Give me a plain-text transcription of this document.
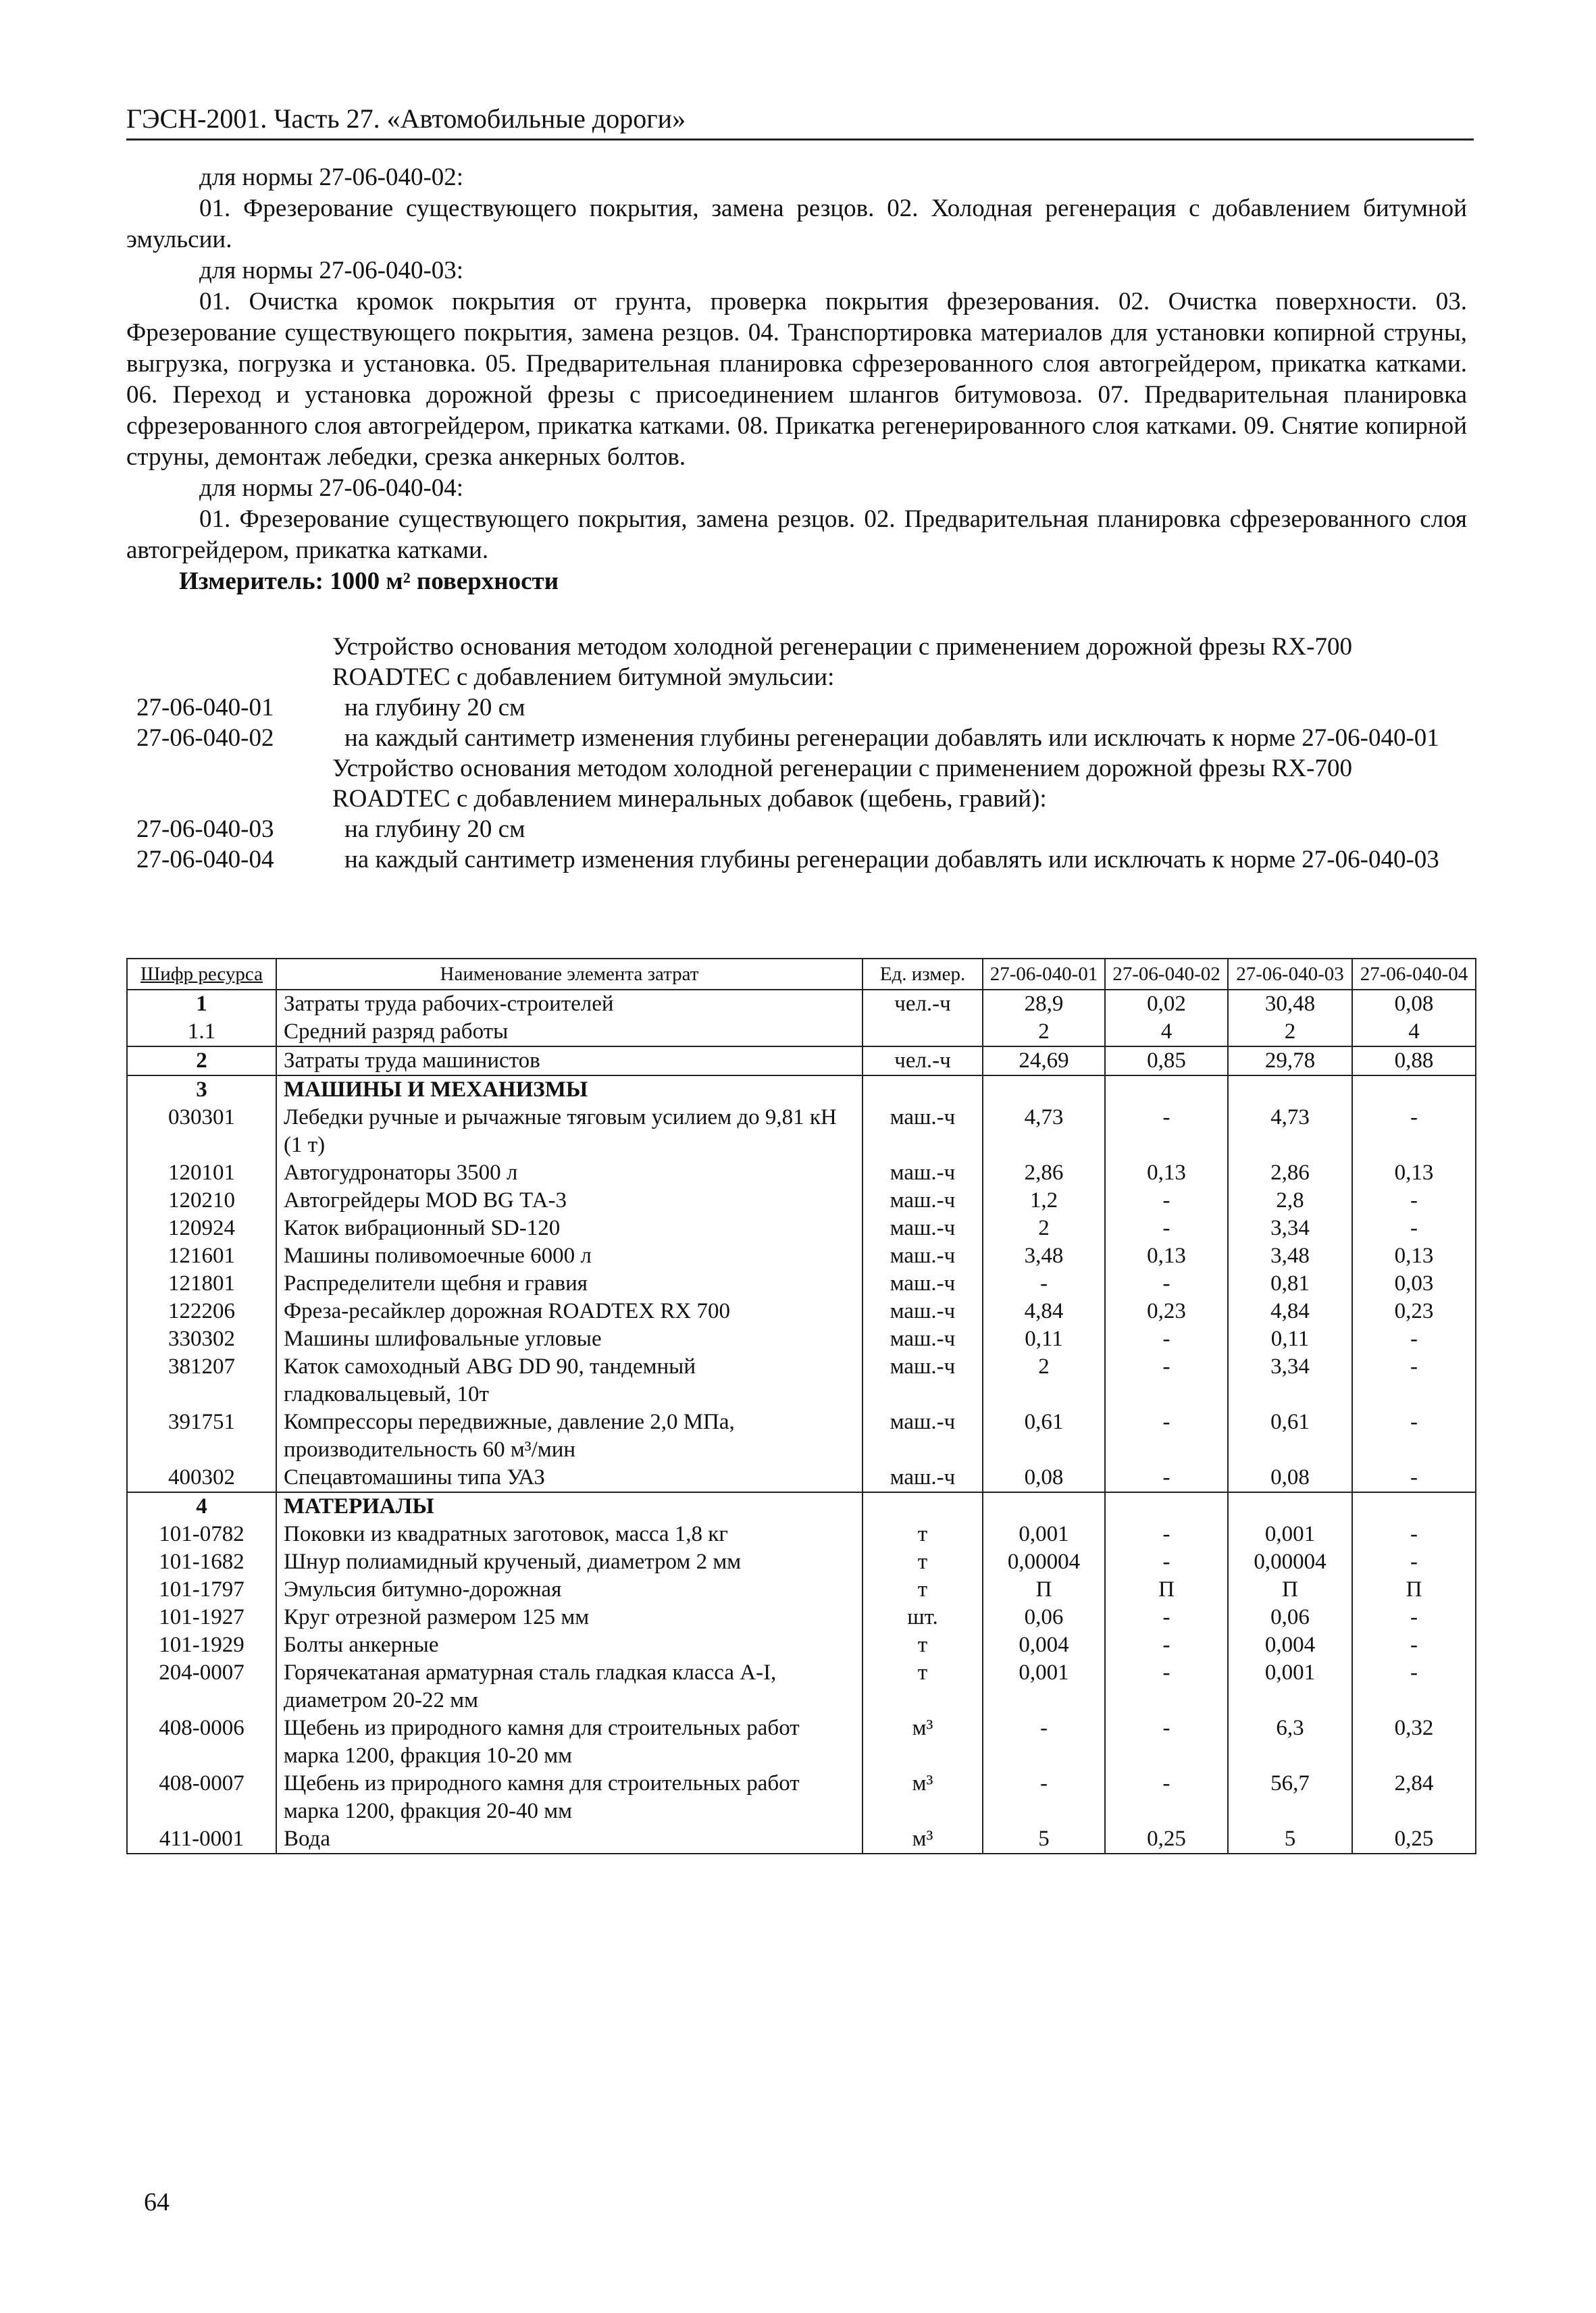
ГЭСН-2001. Часть 27. «Автомобильные дороги»

для нормы 27-06-040-02:

01. Фрезерование существующего покрытия, замена резцов. 02. Холодная регенерация с добавлением битумной эмульсии.

для нормы 27-06-040-03:

01. Очистка кромок покрытия от грунта, проверка покрытия фрезерования. 02. Очистка поверхности. 03. Фрезерование существующего покрытия, замена резцов. 04. Транспортировка материалов для установки копирной струны, выгрузка, погрузка и установка. 05. Предварительная планировка сфрезерованного слоя автогрейдером, прикатка катками. 06. Переход и установка дорожной фрезы с присоединением шлангов битумовоза. 07. Предварительная планировка сфрезерованного слоя автогрейдером, прикатка катками. 08. Прикатка регенерированного слоя катками. 09. Снятие копирной струны, демонтаж лебедки, срезка анкерных болтов.

для нормы 27-06-040-04:

01. Фрезерование существующего покрытия, замена резцов. 02. Предварительная планировка сфрезерованного слоя автогрейдером, прикатка катками.

Измеритель: 1000 м² поверхности

Устройство основания методом холодной регенерации с применением дорожной фрезы RX-700 ROADTEC с добавлением битумной эмульсии:
27-06-040-01	на глубину 20 см
27-06-040-02	на каждый сантиметр изменения глубины регенерации добавлять или исключать к норме 27-06-040-01
Устройство основания методом холодной регенерации с применением дорожной фрезы RX-700 ROADTEC с добавлением минеральных добавок (щебень, гравий):
27-06-040-03	на глубину 20 см
27-06-040-04	на каждый сантиметр изменения глубины регенерации добавлять или исключать к норме 27-06-040-03
Шифр ресурса	Наименование элемента затрат	Ед. измер.	27-06-040-01	27-06-040-02	27-06-040-03	27-06-040-04
1	Затраты труда рабочих-строителей	чел.-ч	28,9	0,02	30,48	0,08
1.1	Средний разряд работы		2	4	2	4
2	Затраты труда машинистов	чел.-ч	24,69	0,85	29,78	0,88
3	МАШИНЫ И МЕХАНИЗМЫ					
030301	Лебедки ручные и рычажные тяговым усилием до 9,81 кН (1 т)	маш.-ч	4,73	-	4,73	-
120101	Автогудронаторы 3500 л	маш.-ч	2,86	0,13	2,86	0,13
120210	Автогрейдеры MOD BG ТА-3	маш.-ч	1,2	-	2,8	-
120924	Каток вибрационный SD-120	маш.-ч	2	-	3,34	-
121601	Машины поливомоечные 6000 л	маш.-ч	3,48	0,13	3,48	0,13
121801	Распределители щебня и гравия	маш.-ч	-	-	0,81	0,03
122206	Фреза-ресайклер дорожная ROADTEX RX 700	маш.-ч	4,84	0,23	4,84	0,23
330302	Машины шлифовальные угловые	маш.-ч	0,11	-	0,11	-
381207	Каток самоходный ABG DD 90, тандемный гладковальцевый, 10т	маш.-ч	2	-	3,34	-
391751	Компрессоры передвижные, давление 2,0 МПа, производительность 60 м³/мин	маш.-ч	0,61	-	0,61	-
400302	Спецавтомашины типа УАЗ	маш.-ч	0,08	-	0,08	-
4	МАТЕРИАЛЫ					
101-0782	Поковки из квадратных заготовок, масса 1,8 кг	т	0,001	-	0,001	-
101-1682	Шнур полиамидный крученый, диаметром 2 мм	т	0,00004	-	0,00004	-
101-1797	Эмульсия битумно-дорожная	т	П	П	П	П
101-1927	Круг отрезной размером 125 мм	шт.	0,06	-	0,06	-
101-1929	Болты анкерные	т	0,004	-	0,004	-
204-0007	Горячекатаная арматурная сталь гладкая класса А-I, диаметром 20-22 мм	т	0,001	-	0,001	-
408-0006	Щебень из природного камня для строительных работ марка 1200, фракция 10-20 мм	м³	-	-	6,3	0,32
408-0007	Щебень из природного камня для строительных работ марка 1200, фракция 20-40 мм	м³	-	-	56,7	2,84
411-0001	Вода	м³	5	0,25	5	0,25
64
